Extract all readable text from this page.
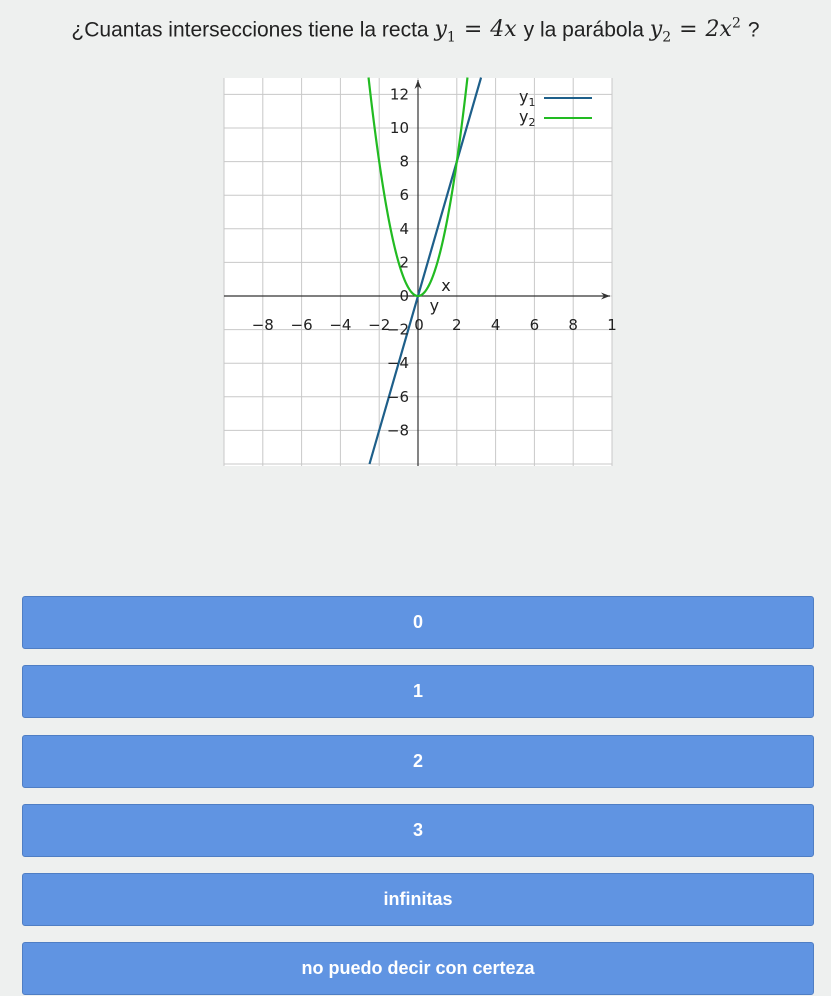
¿Cuantas intersecciones tiene la recta $y_1 = 4x$ y la parábola $y_2 = 2x^2$ ?
x
y
−8 −6 −4 −2	2 4 6 8 1
−8
−6
−4
−2
0
0
2
4
6
8
10
12	$y_1$
$y_2$
0
1
2
3
infinitas
no puedo decir con certeza
